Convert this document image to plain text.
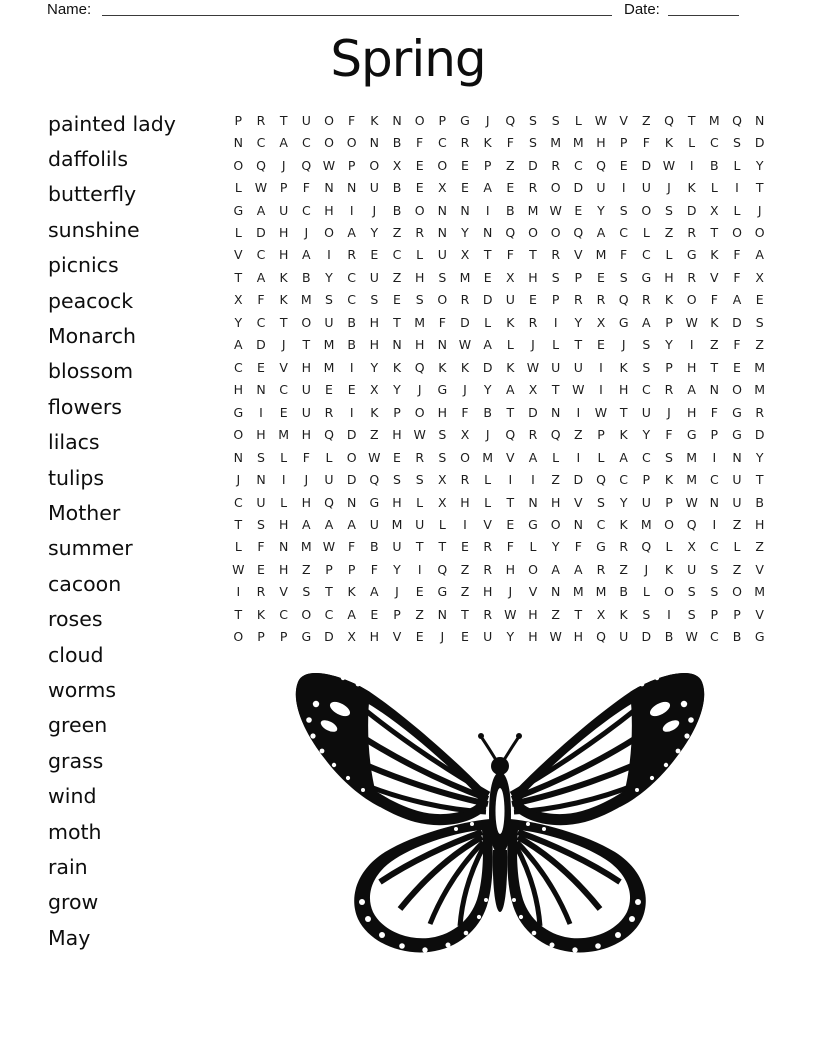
Name:	Date:
Spring
painted lady
daffolils
butterfly
sunshine
picnics
peacock
Monarch
blossom
flowers
lilacs
tulips
Mother
summer
cacoon
roses
cloud
worms
green
grass
wind
moth
rain
grow
May
P	R	T	U	O	F	K	N	O	P	G	J	Q	S	S	L	W V	Z	Q	T	M Q	N
N	C	A	C	O	O	N	B	F	C	R	K	F	S	M M	H	P	F	K	L	C	S	D
O	Q	J	Q W	P	O	X	E	O	E	P	Z	D	R	C	Q	E	D W	I	B	L	Y
L	W	P	F	N	N	U	B	E	X	E	A	E	R	O	D	U	I	U	J	K	L	I	T
G	A	U	C	H	I	J	B	O	N	N	I	B	M W	E	Y	S	O	S	D	X	L	J
L	D	H	J	O	A	Y	Z	R	N	Y	N	Q	O	O	Q	A	C	L	Z	R	T	O	O
V	C	H	A	I	R	E	C	L	U	X	T	F	T	R	V	M	F	C	L	G	K	F	A
T	A	K	B	Y	C	U	Z	H	S	M	E	X	H	S	P	E	S	G	H	R	V	F	X
X	F	K	M	S	C	S	E	S	O	R	D	U	E	P	R	R	Q	R	K	O	F	A	E
Y	C	T	O	U	B	H	T	M	F	D	L	K	R	I	Y	X	G	A	P	W K	D	S
A	D	J	T	M	B	H	N	H	N W A	L	J	L	T	E	J	S	Y	I	Z	F	Z
C	E	V	H	M	I	Y	K	Q	K	K	D	K W U	U	I	K	S	P	H	T	E	M
H	N	C	U	E	E	X	Y	J	G	J	Y	A	X	T	W	I	H	C	R	A	N	O M
G	I	E	U	R	I	K	P	O	H	F	B	T	D	N	I	W	T	U	J	H	F	G	R
O	H	M	H	Q	D	Z	H W	S	X	J	Q	R	Q	Z	P	K	Y	F	G	P	G	D
N	S	L	F	L	O W	E	R	S	O M	V	A	L	I	L	A	C	S	M	I	N	Y
J	N	I	J	U	D	Q	S	S	X	R	L	I	I	Z	D	Q	C	P	K	M	C	U	T
C	U	L	H	Q	N	G	H	L	X	H	L	T	N	H	V	S	Y	U	P	W N	U	B
T	S	H	A	A	A	U	M	U	L	I	V	E	G	O	N	C	K	M O	Q	I	Z	H
L	F	N	M W	F	B	U	T	T	E	R	F	L	Y	F	G	R	Q	L	X	C	L	Z
W	E	H	Z	P	P	F	Y	I	Q	Z	R	H	O	A	A	R	Z	J	K	U	S	Z	V
I	R	V	S	T	K	A	J	E	G	Z	H	J	V	N	M M	B	L	O	S	S	O M
T	K	C	O	C	A	E	P	Z	N	T	R W H	Z	T	X	K	S	I	S	P	P	V
O	P	P	G	D	X	H	V	E	J	E	U	Y	H W H	Q	U	D	B W C	B	G
